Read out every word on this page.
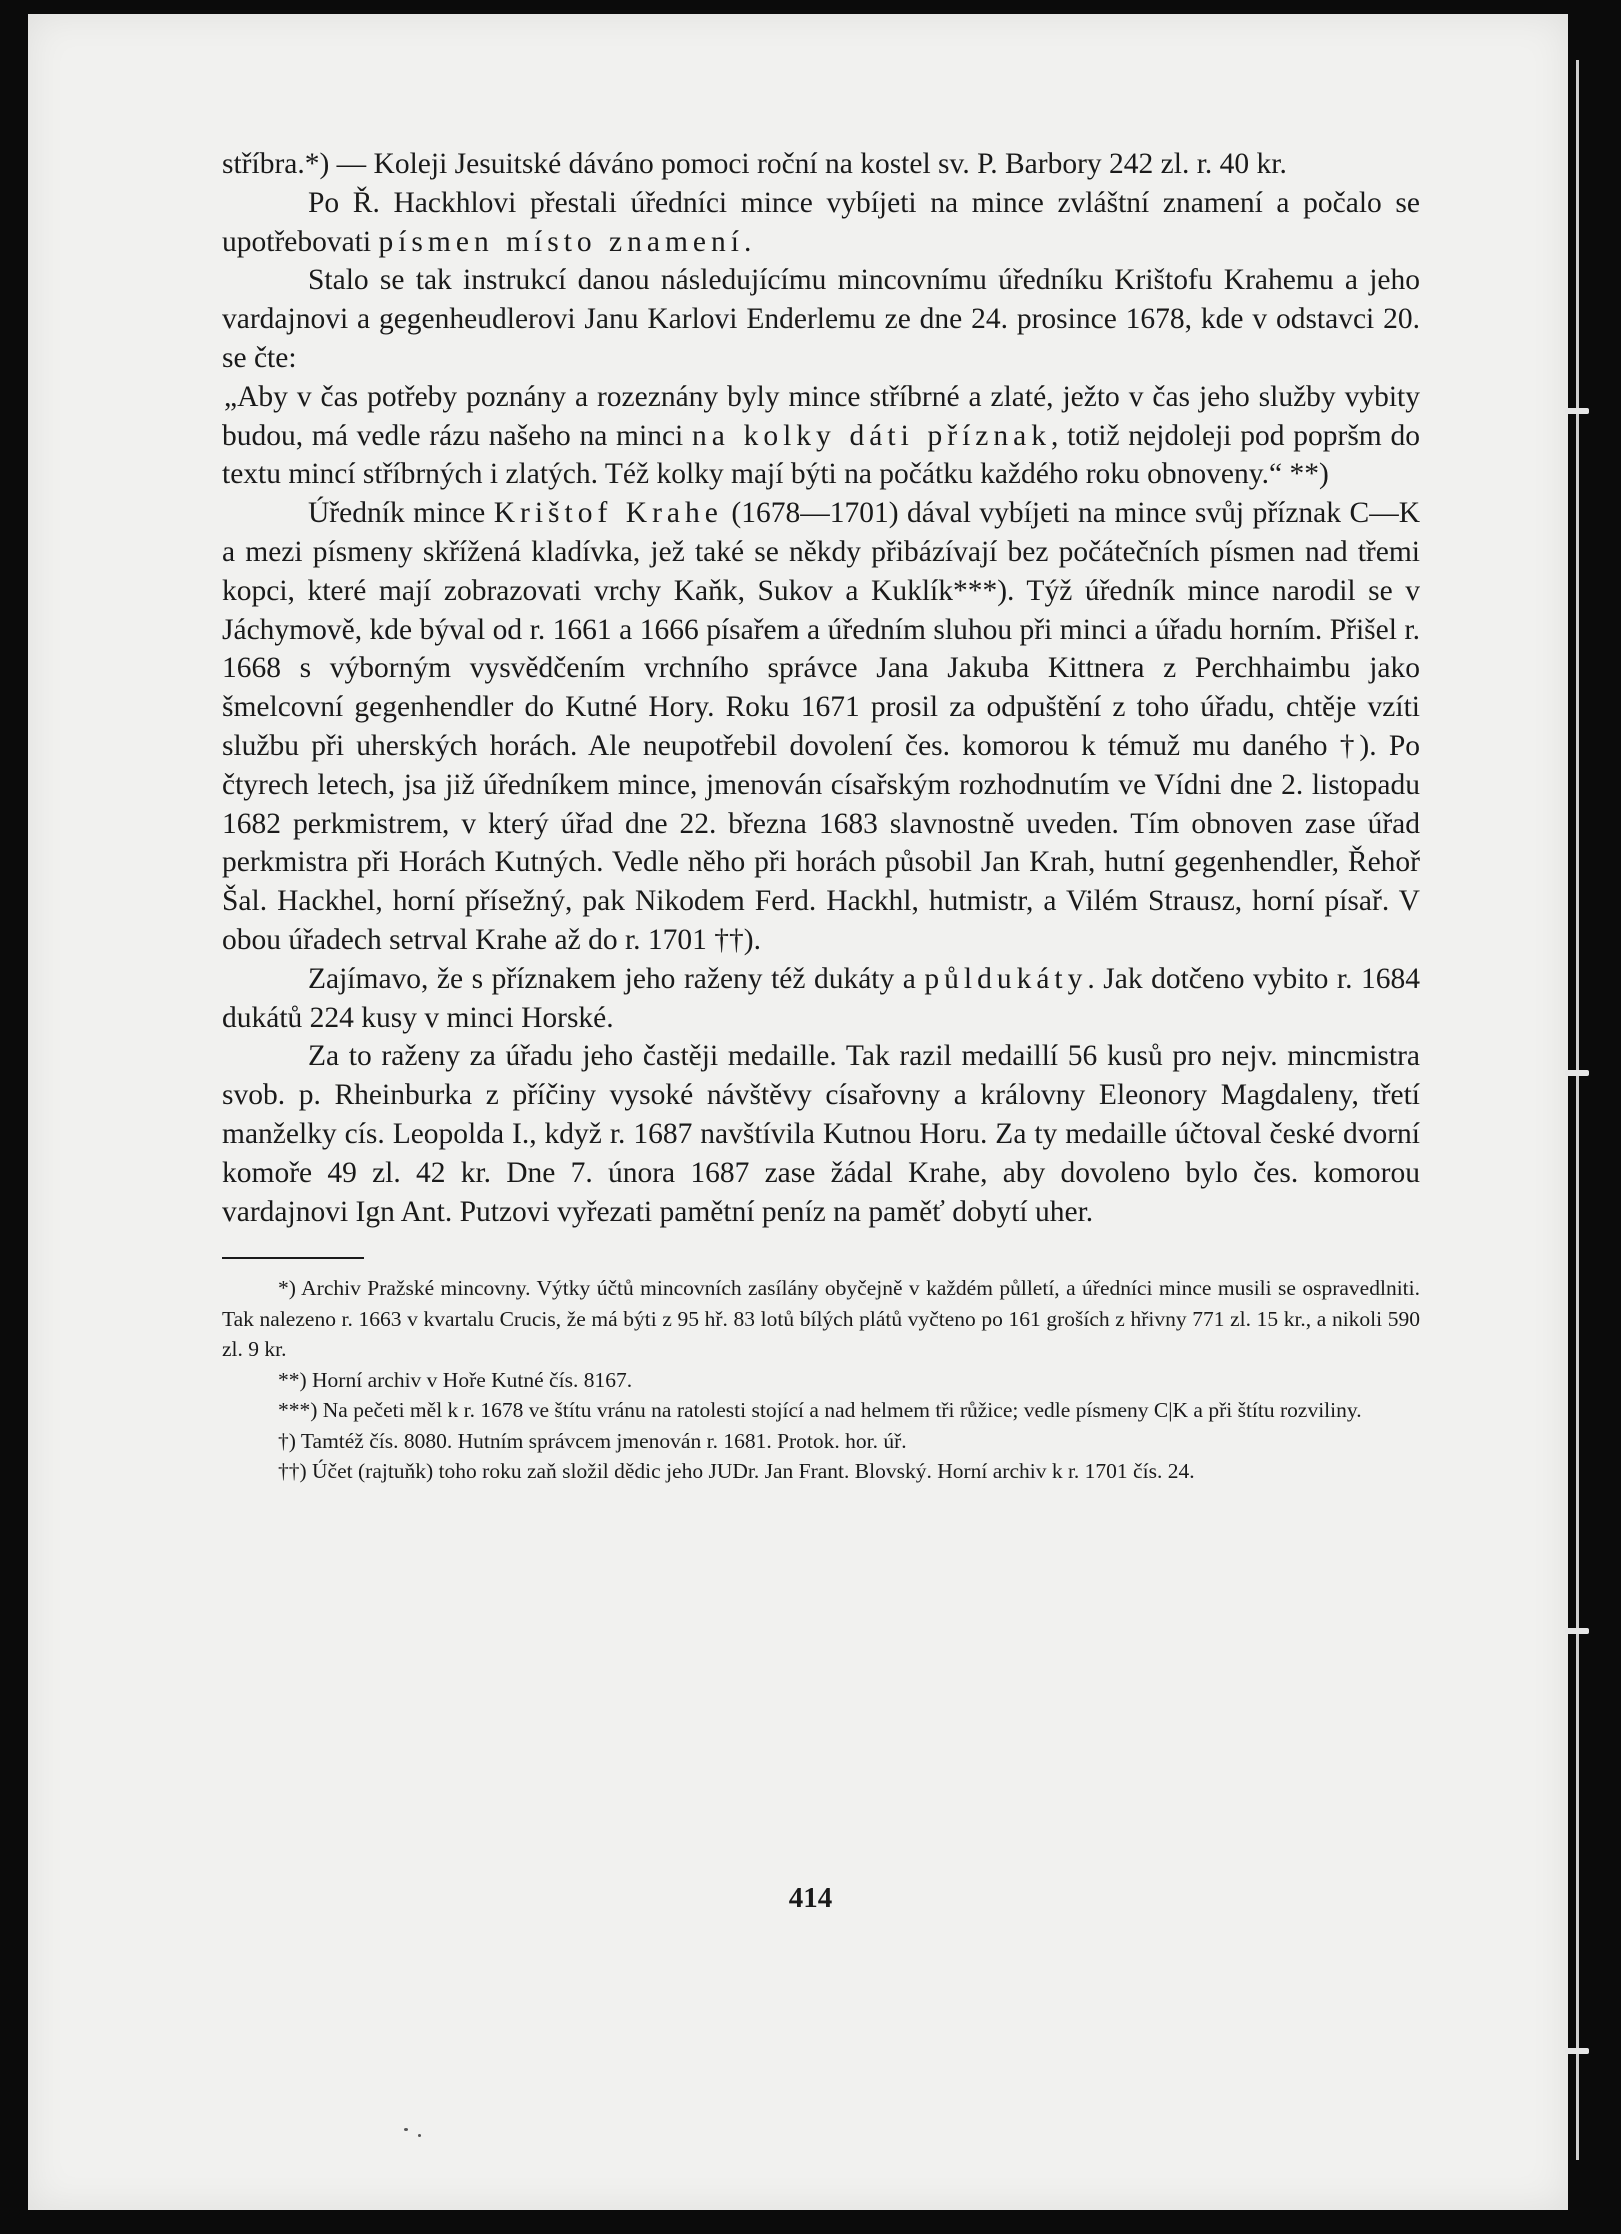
stříbra.*) — Koleji Jesuitské dáváno pomoci roční na kostel sv. P. Barbory 242 zl. r. 40 kr.

Po Ř. Hackhlovi přestali úředníci mince vybíjeti na mince zvláštní znamení a počalo se upotřebovati písmen místo znamení.

Stalo se tak instrukcí danou následujícímu mincovnímu úředníku Krištofu Krahemu a jeho vardajnovi a gegenheudlerovi Janu Karlovi Enderlemu ze dne 24. prosince 1678, kde v odstavci 20. se čte:

„Aby v čas potřeby poznány a rozeznány byly mince stříbrné a zlaté, ježto v čas jeho služby vybity budou, má vedle rázu našeho na minci na kolky dáti příznak, totiž nejdoleji pod popršm do textu mincí stříbrných i zlatých. Též kolky mají býti na počátku každého roku obnoveny.“ **)

Úředník mince Krištof Krahe (1678—1701) dával vybíjeti na mince svůj příznak C—K a mezi písmeny skřížená kladívka, jež také se někdy přibázívají bez počátečních písmen nad třemi kopci, které mají zobrazovati vrchy Kaňk, Sukov a Kuklík***). Týž úředník mince narodil se v Jáchymově, kde býval od r. 1661 a 1666 písařem a úředním sluhou při minci a úřadu horním. Přišel r. 1668 s výborným vysvědčením vrchního správce Jana Jakuba Kittnera z Perchhaimbu jako šmelcovní gegenhendler do Kutné Hory. Roku 1671 prosil za odpuštění z toho úřadu, chtěje vzíti službu při uherských horách. Ale neupotřebil dovolení čes. komorou k témuž mu daného †). Po čtyrech letech, jsa již úředníkem mince, jmenován císařským rozhodnutím ve Vídni dne 2. listopadu 1682 perkmistrem, v který úřad dne 22. března 1683 slavnostně uveden. Tím obnoven zase úřad perkmistra při Horách Kutných. Vedle něho při horách působil Jan Krah, hutní gegenhendler, Řehoř Šal. Hackhel, horní přísežný, pak Nikodem Ferd. Hackhl, hutmistr, a Vilém Strausz, horní písař. V obou úřadech setrval Krahe až do r. 1701 ††).

Zajímavo, že s příznakem jeho raženy též dukáty a půldukáty. Jak dotčeno vybito r. 1684 dukátů 224 kusy v minci Horské.

Za to raženy za úřadu jeho častěji medaille. Tak razil medaillí 56 kusů pro nejv. mincmistra svob. p. Rheinburka z příčiny vysoké návštěvy císařovny a královny Eleonory Magdaleny, třetí manželky cís. Leopolda I., když r. 1687 navštívila Kutnou Horu. Za ty medaille účtoval české dvorní komoře 49 zl. 42 kr. Dne 7. února 1687 zase žádal Krahe, aby dovoleno bylo čes. komorou vardajnovi Ign Ant. Putzovi vyřezati pamětní peníz na paměť dobytí uher.

*) Archiv Pražské mincovny. Výtky účtů mincovních zasílány obyčejně v každém půlletí, a úředníci mince musili se ospravedlniti. Tak nalezeno r. 1663 v kvartalu Crucis, že má býti z 95 hř. 83 lotů bílých plátů vyčteno po 161 groších z hřivny 771 zl. 15 kr., a nikoli 590 zl. 9 kr.

**) Horní archiv v Hoře Kutné čís. 8167.

***) Na pečeti měl k r. 1678 ve štítu vránu na ratolesti stojící a nad helmem tři růžice; vedle písmeny C|K a při štítu rozviliny.

†) Tamtéž čís. 8080. Hutním správcem jmenován r. 1681. Protok. hor. úř.

††) Účet (rajtuňk) toho roku zaň složil dědic jeho JUDr. Jan Frant. Blovský. Horní archiv k r. 1701 čís. 24.

414
